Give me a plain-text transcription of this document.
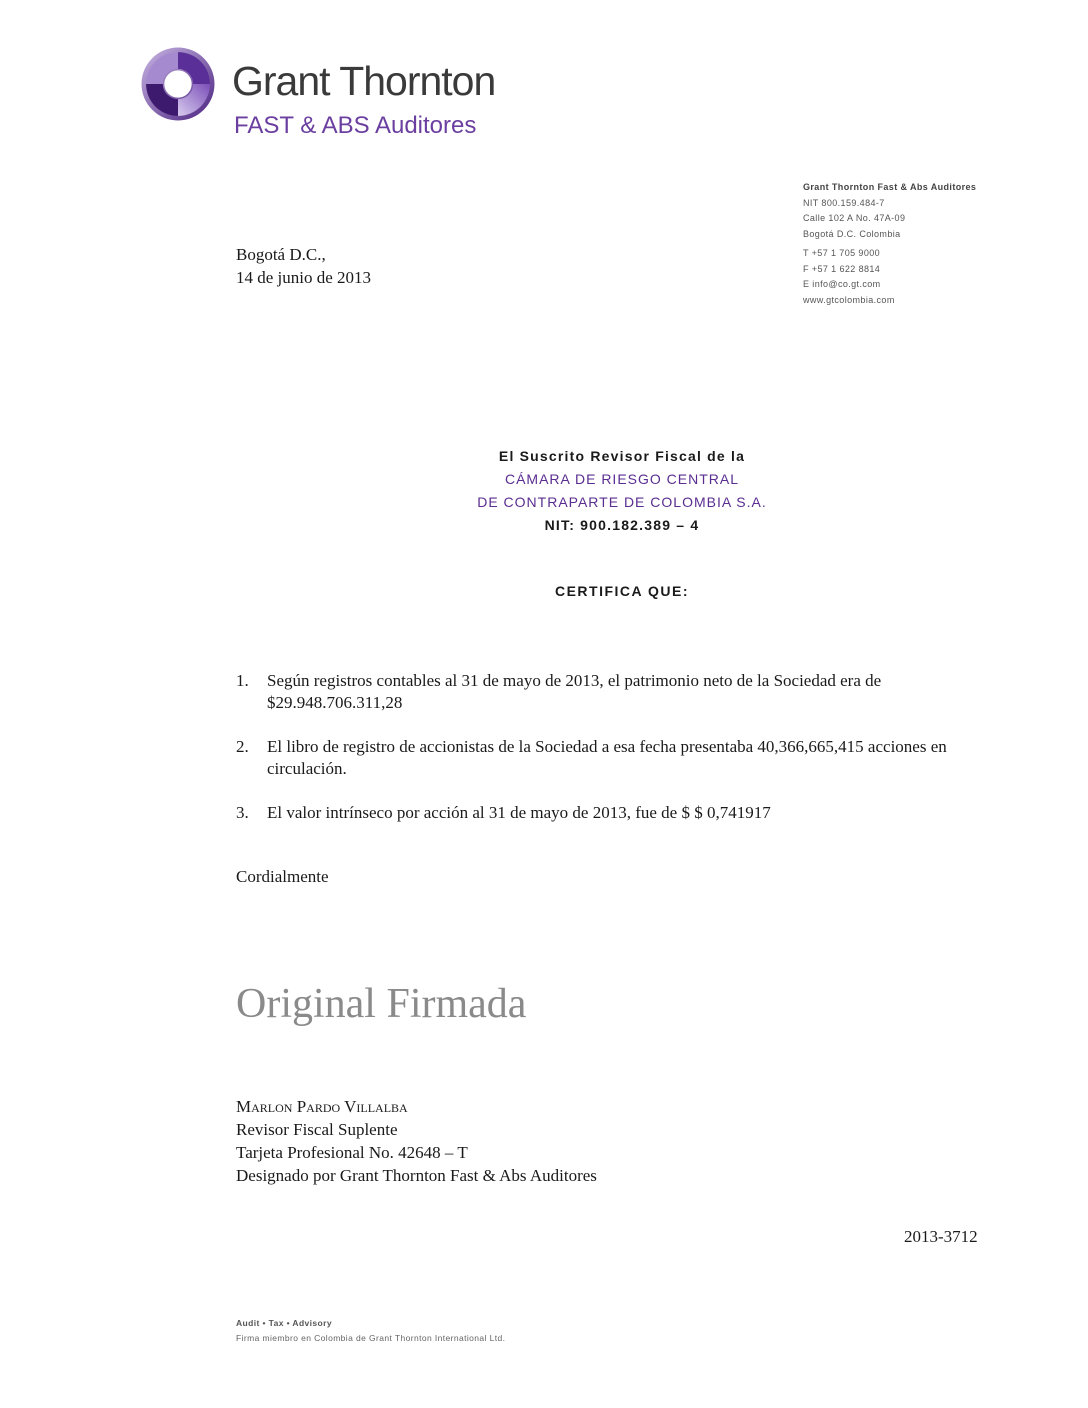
Grant Thornton
FAST & ABS Auditores
Grant Thornton Fast & Abs Auditores
NIT 800.159.484-7
Calle 102 A No. 47A-09
Bogotá D.C. Colombia
T +57 1 705 9000
F +57 1 622 8814
E info@co.gt.com
www.gtcolombia.com
Bogotá D.C.,
14 de junio de 2013
El Suscrito Revisor Fiscal de la
CÁMARA DE RIESGO CENTRAL
DE CONTRAPARTE DE COLOMBIA S.A.
NIT: 900.182.389 – 4
CERTIFICA QUE:
1. Según registros contables al 31 de mayo de 2013, el patrimonio neto de la Sociedad era de $29.948.706.311,28
2. El libro de registro de accionistas de la Sociedad a esa fecha presentaba 40,366,665,415 acciones en circulación.
3. El valor intrínseco por acción al 31 de mayo de 2013, fue de $ $ 0,741917
Cordialmente
Original Firmada
Marlon Pardo Villalba
Revisor Fiscal Suplente
Tarjeta Profesional No. 42648 – T
Designado por Grant Thornton Fast & Abs Auditores
2013-3712
Audit • Tax • Advisory
Firma miembro en Colombia de Grant Thornton International Ltd.
